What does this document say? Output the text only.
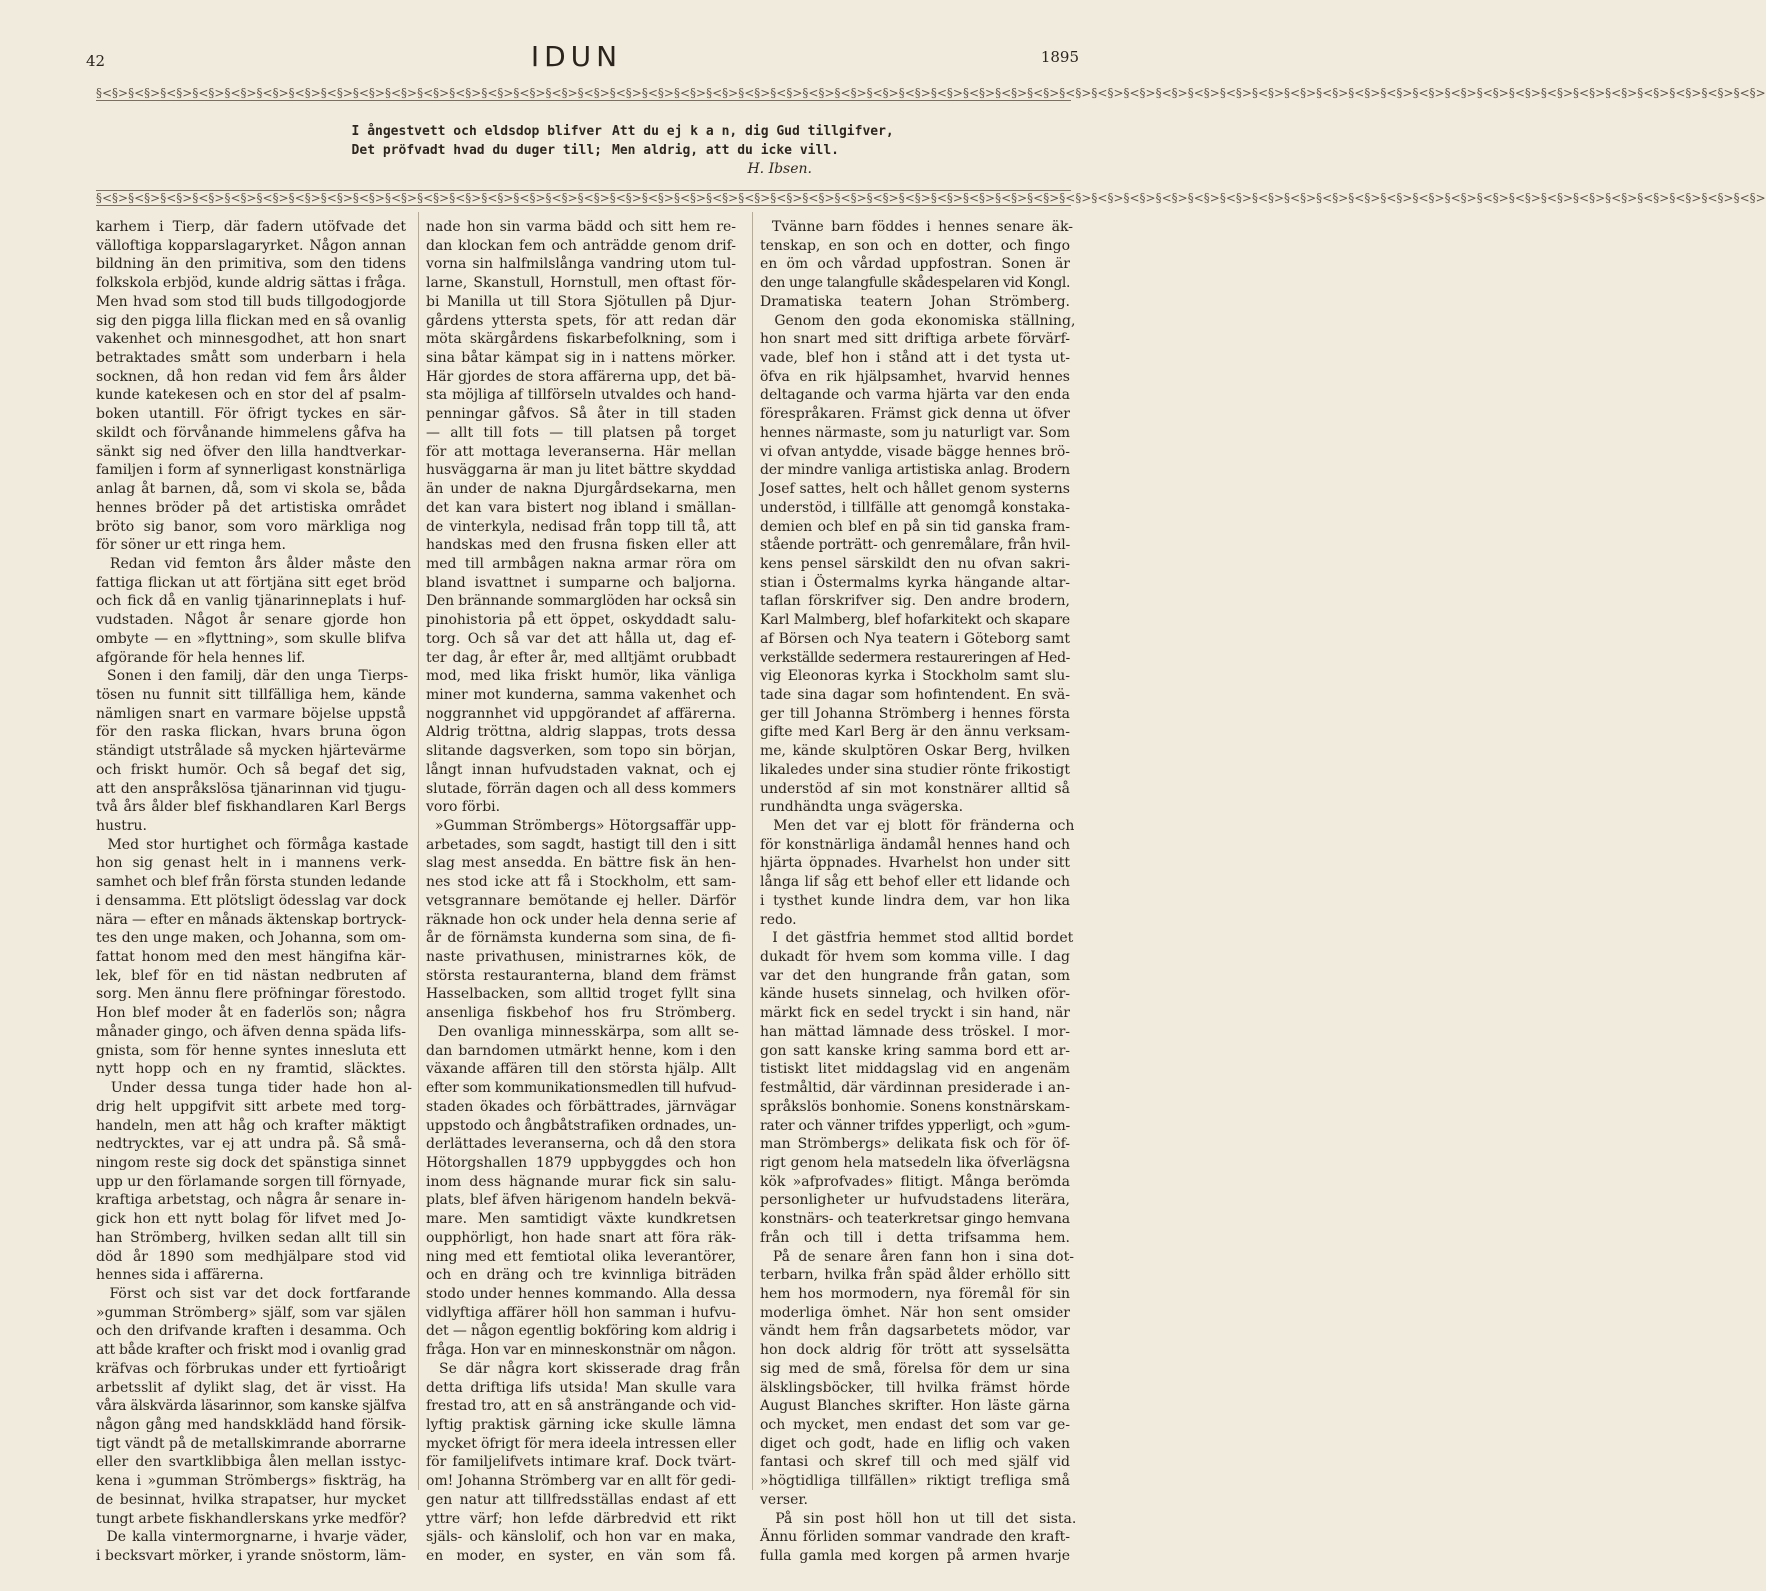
42	IDUN	1895
§<§>§<§>§<§>§<§>§<§>§<§>§<§>§<§>§<§>§<§>§<§>§<§>§<§>§<§>§<§>§<§>§<§>§<§>§<§>§<§>§<§>§<§>§<§>§<§>§<§>§<§>§<§>§<§>§<§>§<§>§<§>§<§>§<§>§<§>§<§>§<§>§<§>§<§>§<§>§<§>§<§>§<§>§<§>§<§>§<§>§<§>§<§>§<§>§<§>§<§>§<§>§<§>
I ångestvett och eldsdop blifver
Det pröfvadt hvad du duger till;
Att du ej k a n, dig Gud tillgifver,
Men aldrig, att du icke vill.
H. Ibsen.
§<§>§<§>§<§>§<§>§<§>§<§>§<§>§<§>§<§>§<§>§<§>§<§>§<§>§<§>§<§>§<§>§<§>§<§>§<§>§<§>§<§>§<§>§<§>§<§>§<§>§<§>§<§>§<§>§<§>§<§>§<§>§<§>§<§>§<§>§<§>§<§>§<§>§<§>§<§>§<§>§<§>§<§>§<§>§<§>§<§>§<§>§<§>§<§>§<§>§<§>§<§>§<§>
karhem i Tierp, där fadern utöfvade det
välloftiga kopparslagaryrket. Någon annan
bildning än den primitiva, som den tidens
folkskola erbjöd, kunde aldrig sättas i fråga.
Men hvad som stod till buds tillgodogjorde
sig den pigga lilla flickan med en så ovanlig
vakenhet och minnesgodhet, att hon snart
betraktades smått som underbarn i hela
socknen, då hon redan vid fem års ålder
kunde katekesen och en stor del af psalm-
boken utantill. För öfrigt tyckes en sär-
skildt och förvånande himmelens gåfva ha
sänkt sig ned öfver den lilla handtverkar-
familjen i form af synnerligast konstnärliga
anlag åt barnen, då, som vi skola se, båda
hennes bröder på det artistiska området
bröto sig banor, som voro märkliga nog
för söner ur ett ringa hem.
Redan vid femton års ålder måste den
fattiga flickan ut att förtjäna sitt eget bröd
och fick då en vanlig tjänarinneplats i huf-
vudstaden. Något år senare gjorde hon
ombyte — en »flyttning», som skulle blifva
afgörande för hela hennes lif.
Sonen i den familj, där den unga Tierps-
tösen nu funnit sitt tillfälliga hem, kände
nämligen snart en varmare böjelse uppstå
för den raska flickan, hvars bruna ögon
ständigt utstrålade så mycken hjärtevärme
och friskt humör. Och så begaf det sig,
att den anspråkslösa tjänarinnan vid tjugu-
två års ålder blef fiskhandlaren Karl Bergs
hustru.
Med stor hurtighet och förmåga kastade
hon sig genast helt in i mannens verk-
samhet och blef från första stunden ledande
i densamma. Ett plötsligt ödesslag var dock
nära — efter en månads äktenskap bortryck-
tes den unge maken, och Johanna, som om-
fattat honom med den mest hängifna kär-
lek, blef för en tid nästan nedbruten af
sorg. Men ännu flere pröfningar förestodo.
Hon blef moder åt en faderlös son; några
månader gingo, och äfven denna späda lifs-
gnista, som för henne syntes innesluta ett
nytt hopp och en ny framtid, släcktes.
Under dessa tunga tider hade hon al-
drig helt uppgifvit sitt arbete med torg-
handeln, men att håg och krafter mäktigt
nedtrycktes, var ej att undra på. Så små-
ningom reste sig dock det spänstiga sinnet
upp ur den förlamande sorgen till förnyade,
kraftiga arbetstag, och några år senare in-
gick hon ett nytt bolag för lifvet med Jo-
han Strömberg, hvilken sedan allt till sin
död år 1890 som medhjälpare stod vid
hennes sida i affärerna.
Först och sist var det dock fortfarande
»gumman Strömberg» själf, som var själen
och den drifvande kraften i desamma. Och
att både krafter och friskt mod i ovanlig grad
kräfvas och förbrukas under ett fyrtioårigt
arbetsslit af dylikt slag, det är visst. Ha
våra älskvärda läsarinnor, som kanske själfva
någon gång med handskklädd hand försik-
tigt vändt på de metallskimrande aborrarne
eller den svartklibbiga ålen mellan isstyc-
kena i »gumman Strömbergs» fiskträg, ha
de besinnat, hvilka strapatser, hur mycket
tungt arbete fiskhandlerskans yrke medför?
De kalla vintermorgnarne, i hvarje väder,
i becksvart mörker, i yrande snöstorm, läm-
nade hon sin varma bädd och sitt hem re-
dan klockan fem och anträdde genom drif-
vorna sin halfmilslånga vandring utom tul-
larne, Skanstull, Hornstull, men oftast för-
bi Manilla ut till Stora Sjötullen på Djur-
gårdens yttersta spets, för att redan där
möta skärgårdens fiskarbefolkning, som i
sina båtar kämpat sig in i nattens mörker.
Här gjordes de stora affärerna upp, det bä-
sta möjliga af tillförseln utvaldes och hand-
penningar gåfvos. Så åter in till staden
— allt till fots — till platsen på torget
för att mottaga leveranserna. Här mellan
husväggarna är man ju litet bättre skyddad
än under de nakna Djurgårdsekarna, men
det kan vara bistert nog ibland i smällan-
de vinterkyla, nedisad från topp till tå, att
handskas med den frusna fisken eller att
med till armbågen nakna armar röra om
bland isvattnet i sumparne och baljorna.
Den brännande sommarglöden har också sin
pinohistoria på ett öppet, oskyddadt salu-
torg. Och så var det att hålla ut, dag ef-
ter dag, år efter år, med alltjämt orubbadt
mod, med lika friskt humör, lika vänliga
miner mot kunderna, samma vakenhet och
noggrannhet vid uppgörandet af affärerna.
Aldrig tröttna, aldrig slappas, trots dessa
slitande dagsverken, som topo sin början,
långt innan hufvudstaden vaknat, och ej
slutade, förrän dagen och all dess kommers
voro förbi.
»Gumman Strömbergs» Hötorgsaffär upp-
arbetades, som sagdt, hastigt till den i sitt
slag mest ansedda. En bättre fisk än hen-
nes stod icke att få i Stockholm, ett sam-
vetsgrannare bemötande ej heller. Därför
räknade hon ock under hela denna serie af
år de förnämsta kunderna som sina, de fi-
naste privathusen, ministrarnes kök, de
största restauranterna, bland dem främst
Hasselbacken, som alltid troget fyllt sina
ansenliga fiskbehof hos fru Strömberg.
Den ovanliga minnesskärpa, som allt se-
dan barndomen utmärkt henne, kom i den
växande affären till den största hjälp. Allt
efter som kommunikationsmedlen till hufvud-
staden ökades och förbättrades, järnvägar
uppstodo och ångbåtstrafiken ordnades, un-
derlättades leveranserna, och då den stora
Hötorgshallen 1879 uppbyggdes och hon
inom dess hägnande murar fick sin salu-
plats, blef äfven härigenom handeln bekvä-
mare. Men samtidigt växte kundkretsen
oupphörligt, hon hade snart att föra räk-
ning med ett femtiotal olika leverantörer,
och en dräng och tre kvinnliga biträden
stodo under hennes kommando. Alla dessa
vidlyftiga affärer höll hon samman i hufvu-
det — någon egentlig bokföring kom aldrig i
fråga. Hon var en minneskonstnär om någon.
Se där några kort skisserade drag från
detta driftiga lifs utsida! Man skulle vara
frestad tro, att en så ansträngande och vid-
lyftig praktisk gärning icke skulle lämna
mycket öfrigt för mera ideela intressen eller
för familjelifvets intimare kraf. Dock tvärt-
om! Johanna Strömberg var en allt för gedi-
gen natur att tillfredsställas endast af ett
yttre värf; hon lefde därbredvid ett rikt
själs- och känslolif, och hon var en maka,
en moder, en syster, en vän som få.
Tvänne barn föddes i hennes senare äk-
tenskap, en son och en dotter, och fingo
en öm och vårdad uppfostran. Sonen är
den unge talangfulle skådespelaren vid Kongl.
Dramatiska teatern Johan Strömberg.
Genom den goda ekonomiska ställning,
hon snart med sitt driftiga arbete förvärf-
vade, blef hon i stånd att i det tysta ut-
öfva en rik hjälpsamhet, hvarvid hennes
deltagande och varma hjärta var den enda
förespråkaren. Främst gick denna ut öfver
hennes närmaste, som ju naturligt var. Som
vi ofvan antydde, visade bägge hennes brö-
der mindre vanliga artistiska anlag. Brodern
Josef sattes, helt och hållet genom systerns
understöd, i tillfälle att genomgå konstaka-
demien och blef en på sin tid ganska fram-
stående porträtt- och genremålare, från hvil-
kens pensel särskildt den nu ofvan sakri-
stian i Östermalms kyrka hängande altar-
taflan förskrifver sig. Den andre brodern,
Karl Malmberg, blef hofarkitekt och skapare
af Börsen och Nya teatern i Göteborg samt
verkställde sedermera restaureringen af Hed-
vig Eleonoras kyrka i Stockholm samt slu-
tade sina dagar som hofintendent. En svä-
ger till Johanna Strömberg i hennes första
gifte med Karl Berg är den ännu verksam-
me, kände skulptören Oskar Berg, hvilken
likaledes under sina studier rönte frikostigt
understöd af sin mot konstnärer alltid så
rundhändta unga svägerska.
Men det var ej blott för fränderna och
för konstnärliga ändamål hennes hand och
hjärta öppnades. Hvarhelst hon under sitt
långa lif såg ett behof eller ett lidande och
i tysthet kunde lindra dem, var hon lika
redo.
I det gästfria hemmet stod alltid bordet
dukadt för hvem som komma ville. I dag
var det den hungrande från gatan, som
kände husets sinnelag, och hvilken oför-
märkt fick en sedel tryckt i sin hand, när
han mättad lämnade dess tröskel. I mor-
gon satt kanske kring samma bord ett ar-
tistiskt litet middagslag vid en angenäm
festmåltid, där värdinnan presiderade i an-
språkslös bonhomie. Sonens konstnärskam-
rater och vänner trifdes ypperligt, och »gum-
man Strömbergs» delikata fisk och för öf-
rigt genom hela matsedeln lika öfverlägsna
kök »afprofvades» flitigt. Många berömda
personligheter ur hufvudstadens literära,
konstnärs- och teaterkretsar gingo hemvana
från och till i detta trifsamma hem.
På de senare åren fann hon i sina dot-
terbarn, hvilka från späd ålder erhöllo sitt
hem hos mormodern, nya föremål för sin
moderliga ömhet. När hon sent omsider
vändt hem från dagsarbetets mödor, var
hon dock aldrig för trött att sysselsätta
sig med de små, förelsa för dem ur sina
älsklingsböcker, till hvilka främst hörde
August Blanches skrifter. Hon läste gärna
och mycket, men endast det som var ge-
diget och godt, hade en liflig och vaken
fantasi och skref till och med själf vid
»högtidliga tillfällen» riktigt trefliga små
verser.
På sin post höll hon ut till det sista.
Ännu förliden sommar vandrade den kraft-
fulla gamla med korgen på armen hvarje
